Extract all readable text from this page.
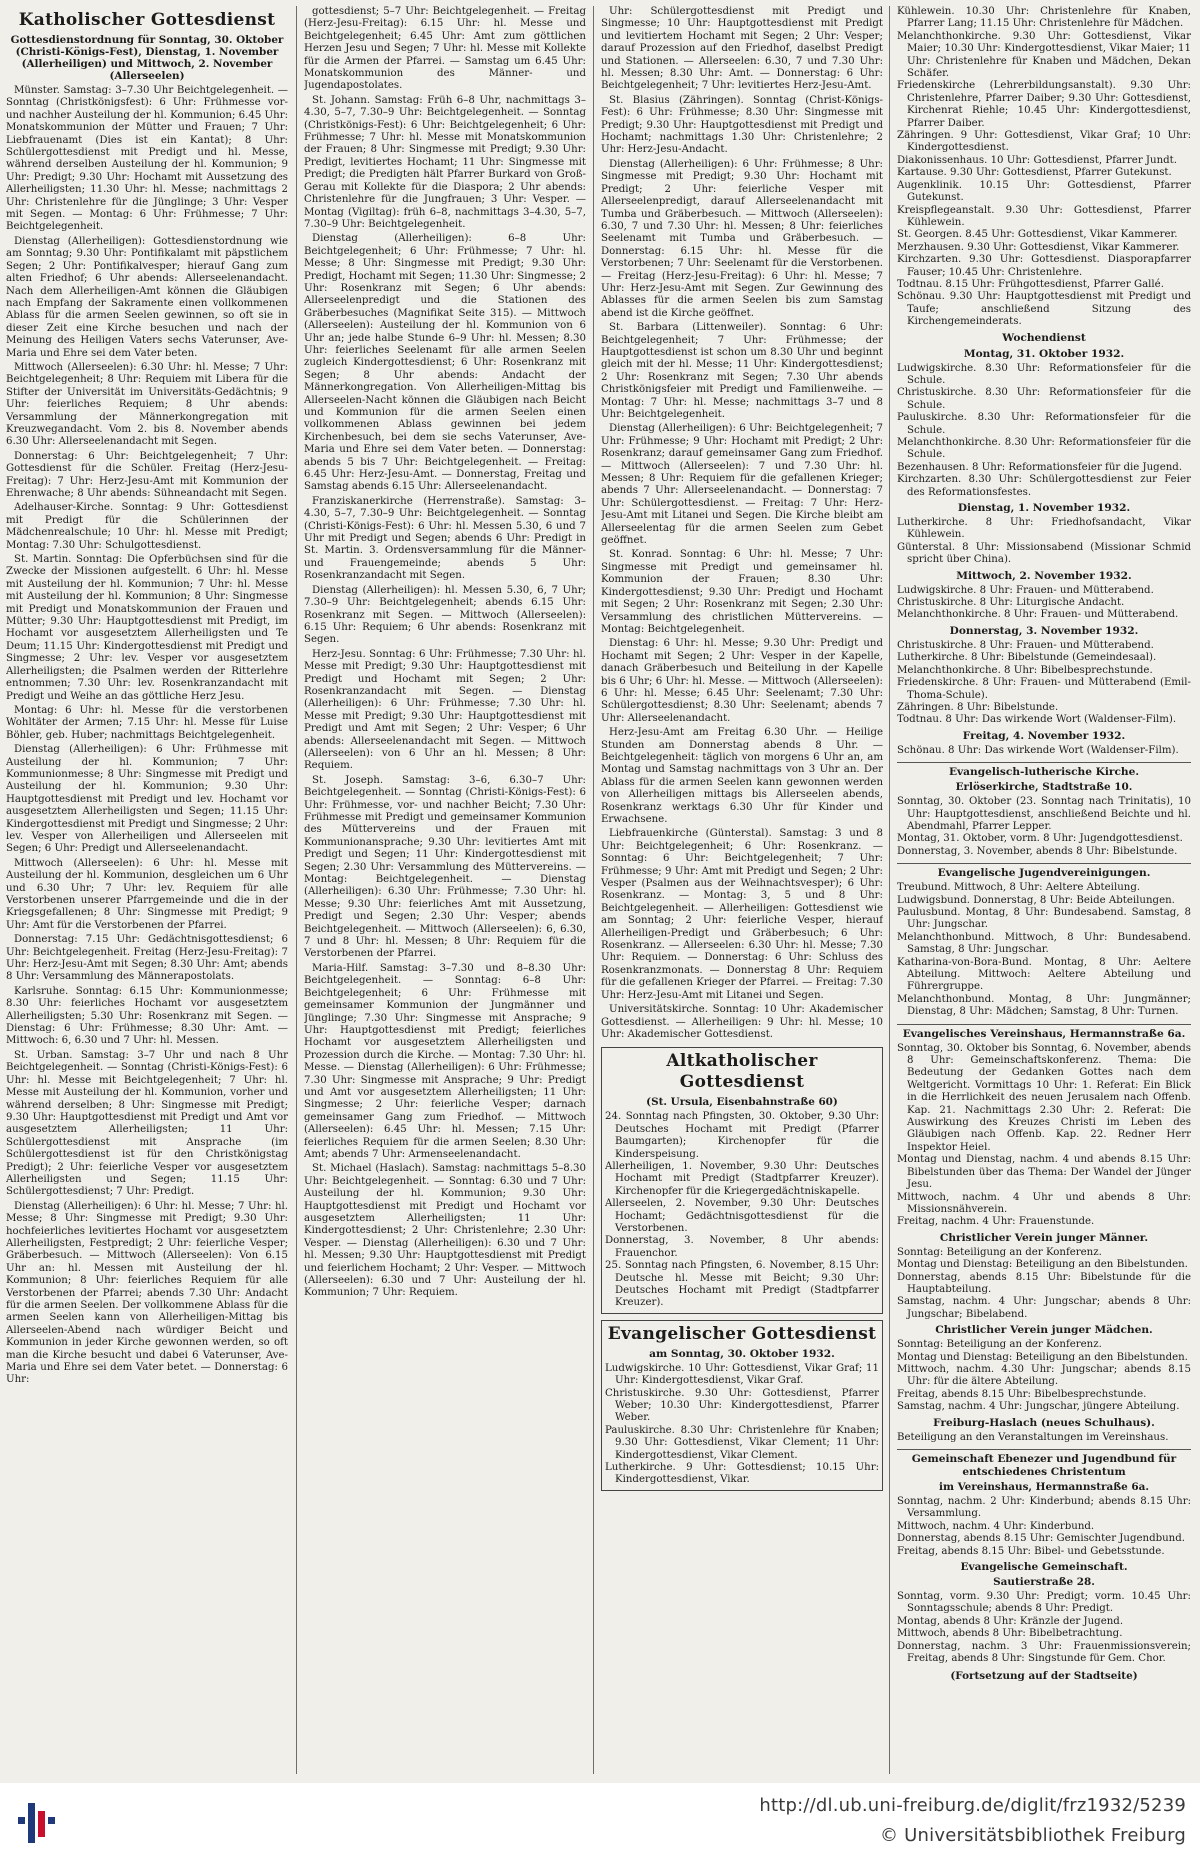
Katholischer Gottesdienst
Gottesdienstordnung für Sonntag, 30. Oktober (Christi-Königs-Fest), Dienstag, 1. November (Allerheiligen) und Mittwoch, 2. November (Allerseelen)
Münster. Samstag: 3–7.30 Uhr Beichtgelegenheit. — Sonntag (Christkönigsfest): 6 Uhr: Frühmesse vor- und nachher Austeilung der hl. Kommunion; 6.45 Uhr: Monatskommunion der Mütter und Frauen; 7 Uhr: Liebfrauenamt (Dies ist ein Kantat); 8 Uhr: Schülergottesdienst mit Predigt und hl. Messe, während derselben Austeilung der hl. Kommunion; 9 Uhr: Predigt; 9.30 Uhr: Hochamt mit Aussetzung des Allerheiligsten; 11.30 Uhr: hl. Messe; nachmittags 2 Uhr: Christenlehre für die Jünglinge; 3 Uhr: Vesper mit Segen. — Montag: 6 Uhr: Frühmesse; 7 Uhr: Beichtgelegenheit.
Dienstag (Allerheiligen): Gottesdienstordnung wie am Sonntag; 9.30 Uhr: Pontifikalamt mit päpstlichem Segen; 2 Uhr: Pontifikalvesper; hierauf Gang zum alten Friedhof; 6 Uhr abends: Allerseelenandacht. Nach dem Allerheiligen-Amt können die Gläubigen nach Empfang der Sakramente einen vollkommenen Ablass für die armen Seelen gewinnen, so oft sie in dieser Zeit eine Kirche besuchen und nach der Meinung des Heiligen Vaters sechs Vaterunser, Ave-Maria und Ehre sei dem Vater beten.
Mittwoch (Allerseelen): 6.30 Uhr: hl. Messe; 7 Uhr: Beichtgelegenheit; 8 Uhr: Requiem mit Libera für die Stifter der Universität im Universitäts-Gedächtnis; 9 Uhr: feierliches Requiem; 8 Uhr abends: Versammlung der Männerkongregation mit Kreuzwegandacht. Vom 2. bis 8. November abends 6.30 Uhr: Allerseelenandacht mit Segen.
Donnerstag: 6 Uhr: Beichtgelegenheit; 7 Uhr: Gottesdienst für die Schüler. Freitag (Herz-Jesu-Freitag): 7 Uhr: Herz-Jesu-Amt mit Kommunion der Ehrenwache; 8 Uhr abends: Sühneandacht mit Segen.
Adelhauser-Kirche. Sonntag: 9 Uhr: Gottesdienst mit Predigt für die Schülerinnen der Mädchenrealschule; 10 Uhr: hl. Messe mit Predigt; Montag: 7.30 Uhr: Schulgottesdienst.
St. Martin. Sonntag: Die Opferbüchsen sind für die Zwecke der Missionen aufgestellt. 6 Uhr: hl. Messe mit Austeilung der hl. Kommunion; 7 Uhr: hl. Messe mit Austeilung der hl. Kommunion; 8 Uhr: Singmesse mit Predigt und Monatskommunion der Frauen und Mütter; 9.30 Uhr: Hauptgottesdienst mit Predigt, im Hochamt vor ausgesetztem Allerheiligsten und Te Deum; 11.15 Uhr: Kindergottesdienst mit Predigt und Singmesse; 2 Uhr: lev. Vesper vor ausgesetztem Allerheiligsten; die Psalmen werden der Ritterlehre entnommen; 7.30 Uhr: lev. Rosenkranzandacht mit Predigt und Weihe an das göttliche Herz Jesu.
Montag: 6 Uhr: hl. Messe für die verstorbenen Wohltäter der Armen; 7.15 Uhr: hl. Messe für Luise Böhler, geb. Huber; nachmittags Beichtgelegenheit.
Dienstag (Allerheiligen): 6 Uhr: Frühmesse mit Austeilung der hl. Kommunion; 7 Uhr: Kommunionmesse; 8 Uhr: Singmesse mit Predigt und Austeilung der hl. Kommunion; 9.30 Uhr: Hauptgottesdienst mit Predigt und lev. Hochamt vor ausgesetztem Allerheiligsten und Segen; 11.15 Uhr: Kindergottesdienst mit Predigt und Singmesse; 2 Uhr: lev. Vesper von Allerheiligen und Allerseelen mit Segen; 6 Uhr: Predigt und Allerseelenandacht.
Mittwoch (Allerseelen): 6 Uhr: hl. Messe mit Austeilung der hl. Kommunion, desgleichen um 6 Uhr und 6.30 Uhr; 7 Uhr: lev. Requiem für alle Verstorbenen unserer Pfarrgemeinde und die in der Kriegsgefallenen; 8 Uhr: Singmesse mit Predigt; 9 Uhr: Amt für die Verstorbenen der Pfarrei.
Donnerstag: 7.15 Uhr: Gedächtnisgottesdienst; 6 Uhr: Beichtgelegenheit. Freitag (Herz-Jesu-Freitag): 7 Uhr: Herz-Jesu-Amt mit Segen; 8.30 Uhr: Amt; abends 8 Uhr: Versammlung des Männerapostolats.
Karlsruhe. Sonntag: 6.15 Uhr: Kommunionmesse; 8.30 Uhr: feierliches Hochamt vor ausgesetztem Allerheiligsten; 5.30 Uhr: Rosenkranz mit Segen. — Dienstag: 6 Uhr: Frühmesse; 8.30 Uhr: Amt. — Mittwoch: 6, 6.30 und 7 Uhr: hl. Messen.
St. Urban. Samstag: 3–7 Uhr und nach 8 Uhr Beichtgelegenheit. — Sonntag (Christi-Königs-Fest): 6 Uhr: hl. Messe mit Beichtgelegenheit; 7 Uhr: hl. Messe mit Austeilung der hl. Kommunion, vorher und während derselben; 8 Uhr: Singmesse mit Predigt; 9.30 Uhr: Hauptgottesdienst mit Predigt und Amt vor ausgesetztem Allerheiligsten; 11 Uhr: Schülergottesdienst mit Ansprache (im Schülergottesdienst ist für den Christkönigstag Predigt); 2 Uhr: feierliche Vesper vor ausgesetztem Allerheiligsten und Segen; 11.15 Uhr: Schülergottesdienst; 7 Uhr: Predigt.
Dienstag (Allerheiligen): 6 Uhr: hl. Messe; 7 Uhr: hl. Messe; 8 Uhr: Singmesse mit Predigt; 9.30 Uhr: hochfeierliches levitiertes Hochamt vor ausgesetztem Allerheiligsten, Festpredigt; 2 Uhr: feierliche Vesper; Gräberbesuch. — Mittwoch (Allerseelen): Von 6.15 Uhr an: hl. Messen mit Austeilung der hl. Kommunion; 8 Uhr: feierliches Requiem für alle Verstorbenen der Pfarrei; abends 7.30 Uhr: Andacht für die armen Seelen. Der vollkommene Ablass für die armen Seelen kann von Allerheiligen-Mittag bis Allerseelen-Abend nach würdiger Beicht und Kommunion in jeder Kirche gewonnen werden, so oft man die Kirche besucht und dabei 6 Vaterunser, Ave-Maria und Ehre sei dem Vater betet. — Donnerstag: 6 Uhr:
gottesdienst; 5–7 Uhr: Beichtgelegenheit. — Freitag (Herz-Jesu-Freitag): 6.15 Uhr: hl. Messe und Beichtgelegenheit; 6.45 Uhr: Amt zum göttlichen Herzen Jesu und Segen; 7 Uhr: hl. Messe mit Kollekte für die Armen der Pfarrei. — Samstag um 6.45 Uhr: Monatskommunion des Männer- und Jugendapostolates.
St. Johann. Samstag: Früh 6–8 Uhr, nachmittags 3–4.30, 5–7, 7.30–9 Uhr: Beichtgelegenheit. — Sonntag (Christkönigs-Fest): 6 Uhr: Beichtgelegenheit; 6 Uhr: Frühmesse; 7 Uhr: hl. Messe mit Monatskommunion der Frauen; 8 Uhr: Singmesse mit Predigt; 9.30 Uhr: Predigt, levitiertes Hochamt; 11 Uhr: Singmesse mit Predigt; die Predigten hält Pfarrer Burkard von Groß-Gerau mit Kollekte für die Diaspora; 2 Uhr abends: Christenlehre für die Jungfrauen; 3 Uhr: Vesper. — Montag (Vigiltag): früh 6–8, nachmittags 3–4.30, 5–7, 7.30–9 Uhr: Beichtgelegenheit.
Dienstag (Allerheiligen): 6–8 Uhr: Beichtgelegenheit; 6 Uhr: Frühmesse; 7 Uhr: hl. Messe; 8 Uhr: Singmesse mit Predigt; 9.30 Uhr: Predigt, Hochamt mit Segen; 11.30 Uhr: Singmesse; 2 Uhr: Rosenkranz mit Segen; 6 Uhr abends: Allerseelenpredigt und die Stationen des Gräberbesuches (Magnifikat Seite 315). — Mittwoch (Allerseelen): Austeilung der hl. Kommunion von 6 Uhr an; jede halbe Stunde 6–9 Uhr: hl. Messen; 8.30 Uhr: feierliches Seelenamt für alle armen Seelen zugleich Kindergottesdienst; 6 Uhr: Rosenkranz mit Segen; 8 Uhr abends: Andacht der Männerkongregation. Von Allerheiligen-Mittag bis Allerseelen-Nacht können die Gläubigen nach Beicht und Kommunion für die armen Seelen einen vollkommenen Ablass gewinnen bei jedem Kirchenbesuch, bei dem sie sechs Vaterunser, Ave-Maria und Ehre sei dem Vater beten. — Donnerstag: abends 5 bis 7 Uhr: Beichtgelegenheit. — Freitag: 6.45 Uhr: Herz-Jesu-Amt. — Donnerstag, Freitag und Samstag abends 6.15 Uhr: Allerseelenandacht.
Franziskanerkirche (Herrenstraße). Samstag: 3–4.30, 5–7, 7.30–9 Uhr: Beichtgelegenheit. — Sonntag (Christi-Königs-Fest): 6 Uhr: hl. Messen 5.30, 6 und 7 Uhr mit Predigt und Segen; abends 6 Uhr: Predigt in St. Martin. 3. Ordensversammlung für die Männer- und Frauengemeinde; abends 5 Uhr: Rosenkranzandacht mit Segen.
Dienstag (Allerheiligen): hl. Messen 5.30, 6, 7 Uhr; 7.30–9 Uhr: Beichtgelegenheit; abends 6.15 Uhr: Rosenkranz mit Segen. — Mittwoch (Allerseelen): 6.15 Uhr: Requiem; 6 Uhr abends: Rosenkranz mit Segen.
Herz-Jesu. Sonntag: 6 Uhr: Frühmesse; 7.30 Uhr: hl. Messe mit Predigt; 9.30 Uhr: Hauptgottesdienst mit Predigt und Hochamt mit Segen; 2 Uhr: Rosenkranzandacht mit Segen. — Dienstag (Allerheiligen): 6 Uhr: Frühmesse; 7.30 Uhr: hl. Messe mit Predigt; 9.30 Uhr: Hauptgottesdienst mit Predigt und Amt mit Segen; 2 Uhr: Vesper; 6 Uhr abends: Allerseelenandacht mit Segen. — Mittwoch (Allerseelen): von 6 Uhr an hl. Messen; 8 Uhr: Requiem.
St. Joseph. Samstag: 3–6, 6.30–7 Uhr: Beichtgelegenheit. — Sonntag (Christi-Königs-Fest): 6 Uhr: Frühmesse, vor- und nachher Beicht; 7.30 Uhr: Frühmesse mit Predigt und gemeinsamer Kommunion des Müttervereins und der Frauen mit Kommunionansprache; 9.30 Uhr: levitiertes Amt mit Predigt und Segen; 11 Uhr: Kindergottesdienst mit Segen; 2.30 Uhr: Versammlung des Müttervereins. — Montag: Beichtgelegenheit. — Dienstag (Allerheiligen): 6.30 Uhr: Frühmesse; 7.30 Uhr: hl. Messe; 9.30 Uhr: feierliches Amt mit Aussetzung, Predigt und Segen; 2.30 Uhr: Vesper; abends Beichtgelegenheit. — Mittwoch (Allerseelen): 6, 6.30, 7 und 8 Uhr: hl. Messen; 8 Uhr: Requiem für die Verstorbenen der Pfarrei.
Maria-Hilf. Samstag: 3–7.30 und 8–8.30 Uhr: Beichtgelegenheit. — Sonntag: 6–8 Uhr: Beichtgelegenheit; 6 Uhr: Frühmesse mit gemeinsamer Kommunion der Jungmänner und Jünglinge; 7.30 Uhr: Singmesse mit Ansprache; 9 Uhr: Hauptgottesdienst mit Predigt; feierliches Hochamt vor ausgesetztem Allerheiligsten und Prozession durch die Kirche. — Montag: 7.30 Uhr: hl. Messe. — Dienstag (Allerheiligen): 6 Uhr: Frühmesse; 7.30 Uhr: Singmesse mit Ansprache; 9 Uhr: Predigt und Amt vor ausgesetztem Allerheiligsten; 11 Uhr: Singmesse; 2 Uhr: feierliche Vesper; darnach gemeinsamer Gang zum Friedhof. — Mittwoch (Allerseelen): 6.45 Uhr: hl. Messen; 7.15 Uhr: feierliches Requiem für die armen Seelen; 8.30 Uhr: Amt; abends 7 Uhr: Armenseelenandacht.
St. Michael (Haslach). Samstag: nachmittags 5–8.30 Uhr: Beichtgelegenheit. — Sonntag: 6.30 und 7 Uhr: Austeilung der hl. Kommunion; 9.30 Uhr: Hauptgottesdienst mit Predigt und Hochamt vor ausgesetztem Allerheiligsten; 11 Uhr: Kindergottesdienst; 2 Uhr: Christenlehre; 2.30 Uhr: Vesper. — Dienstag (Allerheiligen): 6.30 und 7 Uhr: hl. Messen; 9.30 Uhr: Hauptgottesdienst mit Predigt und feierlichem Hochamt; 2 Uhr: Vesper. — Mittwoch (Allerseelen): 6.30 und 7 Uhr: Austeilung der hl. Kommunion; 7 Uhr: Requiem.
Uhr: Schülergottesdienst mit Predigt und Singmesse; 10 Uhr: Hauptgottesdienst mit Predigt und levitiertem Hochamt mit Segen; 2 Uhr: Vesper; darauf Prozession auf den Friedhof, daselbst Predigt und Stationen. — Allerseelen: 6.30, 7 und 7.30 Uhr: hl. Messen; 8.30 Uhr: Amt. — Donnerstag: 6 Uhr: Beichtgelegenheit; 7 Uhr: levitiertes Herz-Jesu-Amt.
St. Blasius (Zähringen). Sonntag (Christ-Königs-Fest): 6 Uhr: Frühmesse; 8.30 Uhr: Singmesse mit Predigt; 9.30 Uhr: Hauptgottesdienst mit Predigt und Hochamt; nachmittags 1.30 Uhr: Christenlehre; 2 Uhr: Herz-Jesu-Andacht.
Dienstag (Allerheiligen): 6 Uhr: Frühmesse; 8 Uhr: Singmesse mit Predigt; 9.30 Uhr: Hochamt mit Predigt; 2 Uhr: feierliche Vesper mit Allerseelenpredigt, darauf Allerseelenandacht mit Tumba und Gräberbesuch. — Mittwoch (Allerseelen): 6.30, 7 und 7.30 Uhr: hl. Messen; 8 Uhr: feierliches Seelenamt mit Tumba und Gräberbesuch. — Donnerstag: 6.15 Uhr: hl. Messe für die Verstorbenen; 7 Uhr: Seelenamt für die Verstorbenen. — Freitag (Herz-Jesu-Freitag): 6 Uhr: hl. Messe; 7 Uhr: Herz-Jesu-Amt mit Segen. Zur Gewinnung des Ablasses für die armen Seelen bis zum Samstag abend ist die Kirche geöffnet.
St. Barbara (Littenweiler). Sonntag: 6 Uhr: Beichtgelegenheit; 7 Uhr: Frühmesse; der Hauptgottesdienst ist schon um 8.30 Uhr und beginnt gleich mit der hl. Messe; 11 Uhr: Kindergottesdienst; 2 Uhr: Rosenkranz mit Segen; 7.30 Uhr abends Christkönigsfeier mit Predigt und Familienweihe. — Montag: 7 Uhr: hl. Messe; nachmittags 3–7 und 8 Uhr: Beichtgelegenheit.
Dienstag (Allerheiligen): 6 Uhr: Beichtgelegenheit; 7 Uhr: Frühmesse; 9 Uhr: Hochamt mit Predigt; 2 Uhr: Rosenkranz; darauf gemeinsamer Gang zum Friedhof. — Mittwoch (Allerseelen): 7 und 7.30 Uhr: hl. Messen; 8 Uhr: Requiem für die gefallenen Krieger; abends 7 Uhr: Allerseelenandacht. — Donnerstag: 7 Uhr: Schülergottesdienst. — Freitag: 7 Uhr: Herz-Jesu-Amt mit Litanei und Segen. Die Kirche bleibt am Allerseelentag für die armen Seelen zum Gebet geöffnet.
St. Konrad. Sonntag: 6 Uhr: hl. Messe; 7 Uhr: Singmesse mit Predigt und gemeinsamer hl. Kommunion der Frauen; 8.30 Uhr: Kindergottesdienst; 9.30 Uhr: Predigt und Hochamt mit Segen; 2 Uhr: Rosenkranz mit Segen; 2.30 Uhr: Versammlung des christlichen Müttervereins. — Montag: Beichtgelegenheit.
Dienstag: 6 Uhr: hl. Messe; 9.30 Uhr: Predigt und Hochamt mit Segen; 2 Uhr: Vesper in der Kapelle, danach Gräberbesuch und Beiteilung in der Kapelle bis 6 Uhr; 6 Uhr: hl. Messe. — Mittwoch (Allerseelen): 6 Uhr: hl. Messe; 6.45 Uhr: Seelenamt; 7.30 Uhr: Schülergottesdienst; 8.30 Uhr: Seelenamt; abends 7 Uhr: Allerseelenandacht.
Herz-Jesu-Amt am Freitag 6.30 Uhr. — Heilige Stunden am Donnerstag abends 8 Uhr. — Beichtgelegenheit: täglich von morgens 6 Uhr an, am Montag und Samstag nachmittags von 3 Uhr an. Der Ablass für die armen Seelen kann gewonnen werden von Allerheiligen mittags bis Allerseelen abends, Rosenkranz werktags 6.30 Uhr für Kinder und Erwachsene.
Liebfrauenkirche (Günterstal). Samstag: 3 und 8 Uhr: Beichtgelegenheit; 6 Uhr: Rosenkranz. — Sonntag: 6 Uhr: Beichtgelegenheit; 7 Uhr: Frühmesse; 9 Uhr: Amt mit Predigt und Segen; 2 Uhr: Vesper (Psalmen aus der Weihnachtsvesper); 6 Uhr: Rosenkranz. — Montag: 3, 5 und 8 Uhr: Beichtgelegenheit. — Allerheiligen: Gottesdienst wie am Sonntag; 2 Uhr: feierliche Vesper, hierauf Allerheiligen-Predigt und Gräberbesuch; 6 Uhr: Rosenkranz. — Allerseelen: 6.30 Uhr: hl. Messe; 7.30 Uhr: Requiem. — Donnerstag: 6 Uhr: Schluss des Rosenkranzmonats. — Donnerstag 8 Uhr: Requiem für die gefallenen Krieger der Pfarrei. — Freitag: 7.30 Uhr: Herz-Jesu-Amt mit Litanei und Segen.
Universitätskirche. Sonntag: 10 Uhr: Akademischer Gottesdienst. — Allerheiligen: 9 Uhr: hl. Messe; 10 Uhr: Akademischer Gottesdienst.
Altkatholischer Gottesdienst
(St. Ursula, Eisenbahnstraße 60)
24. Sonntag nach Pfingsten, 30. Oktober, 9.30 Uhr: Deutsches Hochamt mit Predigt (Pfarrer Baumgarten); Kirchenopfer für die Kinderspeisung.
Allerheiligen, 1. November, 9.30 Uhr: Deutsches Hochamt mit Predigt (Stadtpfarrer Kreuzer). Kirchenopfer für die Kriegergedächtniskapelle.
Allerseelen, 2. November, 9.30 Uhr: Deutsches Hochamt; Gedächtnisgottesdienst für die Verstorbenen.
Donnerstag, 3. November, 8 Uhr abends: Frauenchor.
25. Sonntag nach Pfingsten, 6. November, 8.15 Uhr: Deutsche hl. Messe mit Beicht; 9.30 Uhr: Deutsches Hochamt mit Predigt (Stadtpfarrer Kreuzer).
Evangelischer Gottesdienst
am Sonntag, 30. Oktober 1932.
Ludwigskirche. 10 Uhr: Gottesdienst, Vikar Graf; 11 Uhr: Kindergottesdienst, Vikar Graf.
Christuskirche. 9.30 Uhr: Gottesdienst, Pfarrer Weber; 10.30 Uhr: Kindergottesdienst, Pfarrer Weber.
Pauluskirche. 8.30 Uhr: Christenlehre für Knaben; 9.30 Uhr: Gottesdienst, Vikar Clement; 11 Uhr: Kindergottesdienst, Vikar Clement.
Lutherkirche. 9 Uhr: Gottesdienst; 10.15 Uhr: Kindergottesdienst, Vikar.
Kühlewein. 10.30 Uhr: Christenlehre für Knaben, Pfarrer Lang; 11.15 Uhr: Christenlehre für Mädchen.
Melanchthonkirche. 9.30 Uhr: Gottesdienst, Vikar Maier; 10.30 Uhr: Kindergottesdienst, Vikar Maier; 11 Uhr: Christenlehre für Knaben und Mädchen, Dekan Schäfer.
Friedenskirche (Lehrerbildungsanstalt). 9.30 Uhr: Christenlehre, Pfarrer Daiber; 9.30 Uhr: Gottesdienst, Kirchenrat Riehle; 10.45 Uhr: Kindergottesdienst, Pfarrer Daiber.
Zähringen. 9 Uhr: Gottesdienst, Vikar Graf; 10 Uhr: Kindergottesdienst.
Diakonissenhaus. 10 Uhr: Gottesdienst, Pfarrer Jundt.
Kartause. 9.30 Uhr: Gottesdienst, Pfarrer Gutekunst.
Augenklinik. 10.15 Uhr: Gottesdienst, Pfarrer Gutekunst.
Kreispflegeanstalt. 9.30 Uhr: Gottesdienst, Pfarrer Kühlewein.
St. Georgen. 8.45 Uhr: Gottesdienst, Vikar Kammerer.
Merzhausen. 9.30 Uhr: Gottesdienst, Vikar Kammerer.
Kirchzarten. 9.30 Uhr: Gottesdienst. Diasporapfarrer Fauser; 10.45 Uhr: Christenlehre.
Todtnau. 8.15 Uhr: Frühgottesdienst, Pfarrer Gallé.
Schönau. 9.30 Uhr: Hauptgottesdienst mit Predigt und Taufe; anschließend Sitzung des Kirchengemeinderats.
Wochendienst
Montag, 31. Oktober 1932.
Ludwigskirche. 8.30 Uhr: Reformationsfeier für die Schule.
Christuskirche. 8.30 Uhr: Reformationsfeier für die Schule.
Pauluskirche. 8.30 Uhr: Reformationsfeier für die Schule.
Melanchthonkirche. 8.30 Uhr: Reformationsfeier für die Schule.
Bezenhausen. 8 Uhr: Reformationsfeier für die Jugend.
Kirchzarten. 8.30 Uhr: Schülergottesdienst zur Feier des Reformationsfestes.
Dienstag, 1. November 1932.
Lutherkirche. 8 Uhr: Friedhofsandacht, Vikar Kühlewein.
Günterstal. 8 Uhr: Missionsabend (Missionar Schmid spricht über China).
Mittwoch, 2. November 1932.
Ludwigskirche. 8 Uhr: Frauen- und Mütterabend.
Christuskirche. 8 Uhr: Liturgische Andacht.
Melanchthonkirche. 8 Uhr: Frauen- und Mütterabend.
Donnerstag, 3. November 1932.
Christuskirche. 8 Uhr: Frauen- und Mütterabend.
Lutherkirche. 8 Uhr: Bibelstunde (Gemeindesaal).
Melanchthonkirche. 8 Uhr: Bibelbesprechstunde.
Friedenskirche. 8 Uhr: Frauen- und Mütterabend (Emil-Thoma-Schule).
Zähringen. 8 Uhr: Bibelstunde.
Todtnau. 8 Uhr: Das wirkende Wort (Waldenser-Film).
Freitag, 4. November 1932.
Schönau. 8 Uhr: Das wirkende Wort (Waldenser-Film).
Evangelisch-lutherische Kirche.
Erlöserkirche, Stadtstraße 10.
Sonntag, 30. Oktober (23. Sonntag nach Trinitatis), 10 Uhr: Hauptgottesdienst, anschließend Beichte und hl. Abendmahl, Pfarrer Lepper.
Montag, 31. Oktober, vorm. 8 Uhr: Jugendgottesdienst.
Donnerstag, 3. November, abends 8 Uhr: Bibelstunde.
Evangelische Jugendvereinigungen.
Treubund. Mittwoch, 8 Uhr: Aeltere Abteilung.
Ludwigsbund. Donnerstag, 8 Uhr: Beide Abteilungen.
Paulusbund. Montag, 8 Uhr: Bundesabend. Samstag, 8 Uhr: Jungschar.
Melanchthonbund. Mittwoch, 8 Uhr: Bundesabend. Samstag, 8 Uhr: Jungschar.
Katharina-von-Bora-Bund. Montag, 8 Uhr: Aeltere Abteilung. Mittwoch: Aeltere Abteilung und Führergruppe.
Melanchthonbund. Montag, 8 Uhr: Jungmänner; Dienstag, 8 Uhr: Mädchen; Samstag, 8 Uhr: Turnen.
Evangelisches Vereinshaus, Hermannstraße 6a.
Sonntag, 30. Oktober bis Sonntag, 6. November, abends 8 Uhr: Gemeinschaftskonferenz. Thema: Die Bedeutung der Gedanken Gottes nach dem Weltgericht. Vormittags 10 Uhr: 1. Referat: Ein Blick in die Herrlichkeit des neuen Jerusalem nach Offenb. Kap. 21. Nachmittags 2.30 Uhr: 2. Referat: Die Auswirkung des Kreuzes Christi im Leben des Gläubigen nach Offenb. Kap. 22. Redner Herr Inspektor Heiel.
Montag und Dienstag, nachm. 4 und abends 8.15 Uhr: Bibelstunden über das Thema: Der Wandel der Jünger Jesu.
Mittwoch, nachm. 4 Uhr und abends 8 Uhr: Missionsnähverein.
Freitag, nachm. 4 Uhr: Frauenstunde.
Christlicher Verein junger Männer.
Sonntag: Beteiligung an der Konferenz.
Montag und Dienstag: Beteiligung an den Bibelstunden.
Donnerstag, abends 8.15 Uhr: Bibelstunde für die Hauptabteilung.
Samstag, nachm. 4 Uhr: Jungschar; abends 8 Uhr: Jungschar; Bibelabend.
Christlicher Verein junger Mädchen.
Sonntag: Beteiligung an der Konferenz.
Montag und Dienstag: Beteiligung an den Bibelstunden.
Mittwoch, nachm. 4.30 Uhr: Jungschar; abends 8.15 Uhr: für die ältere Abteilung.
Freitag, abends 8.15 Uhr: Bibelbesprechstunde.
Samstag, nachm. 4 Uhr: Jungschar, jüngere Abteilung.
Freiburg-Haslach (neues Schulhaus).
Beteiligung an den Veranstaltungen im Vereinshaus.
Gemeinschaft Ebenezer und Jugendbund für entschiedenes Christentum
im Vereinshaus, Hermannstraße 6a.
Sonntag, nachm. 2 Uhr: Kinderbund; abends 8.15 Uhr: Versammlung.
Mittwoch, nachm. 4 Uhr: Kinderbund.
Donnerstag, abends 8.15 Uhr: Gemischter Jugendbund.
Freitag, abends 8.15 Uhr: Bibel- und Gebetsstunde.
Evangelische Gemeinschaft.
Sautierstraße 28.
Sonntag, vorm. 9.30 Uhr: Predigt; vorm. 10.45 Uhr: Sonntagsschule; abends 8 Uhr: Predigt.
Montag, abends 8 Uhr: Kränzle der Jugend.
Mittwoch, abends 8 Uhr: Bibelbetrachtung.
Donnerstag, nachm. 3 Uhr: Frauenmissionsverein; Freitag, abends 8 Uhr: Singstunde für Gem. Chor.
(Fortsetzung auf der Stadtseite)
http://dl.ub.uni-freiburg.de/diglit/frz1932/5239
© Universitätsbibliothek Freiburg
